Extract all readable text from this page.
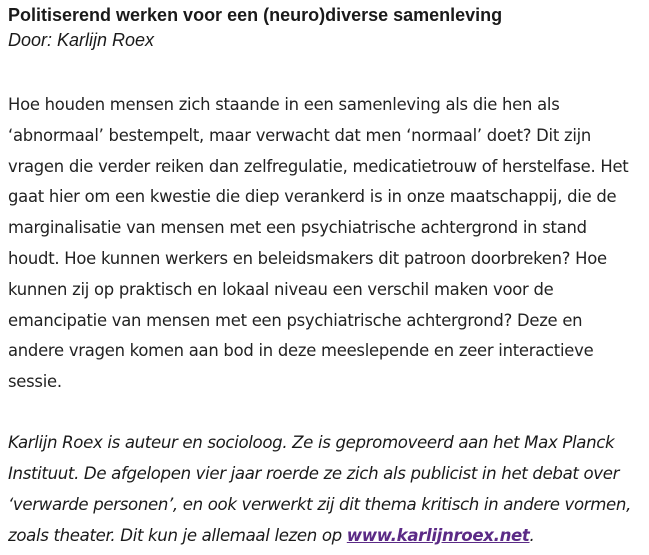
Politiserend werken voor een (neuro)diverse samenleving

Door: Karlijn Roex

Hoe houden mensen zich staande in een samenleving als die hen als
‘abnormaal’ bestempelt, maar verwacht dat men ‘normaal’ doet? Dit zijn
vragen die verder reiken dan zelfregulatie, medicatietrouw of herstelfase. Het
gaat hier om een kwestie die diep verankerd is in onze maatschappij, die de
marginalisatie van mensen met een psychiatrische achtergrond in stand
houdt. Hoe kunnen werkers en beleidsmakers dit patroon doorbreken? Hoe
kunnen zij op praktisch en lokaal niveau een verschil maken voor de
emancipatie van mensen met een psychiatrische achtergrond? Deze en
andere vragen komen aan bod in deze meeslepende en zeer interactieve
sessie.

Karlijn Roex is auteur en socioloog. Ze is gepromoveerd aan het Max Planck
Instituut. De afgelopen vier jaar roerde ze zich als publicist in het debat over
‘verwarde personen’, en ook verwerkt zij dit thema kritisch in andere vormen,
zoals theater. Dit kun je allemaal lezen op www.karlijnroex.net.
